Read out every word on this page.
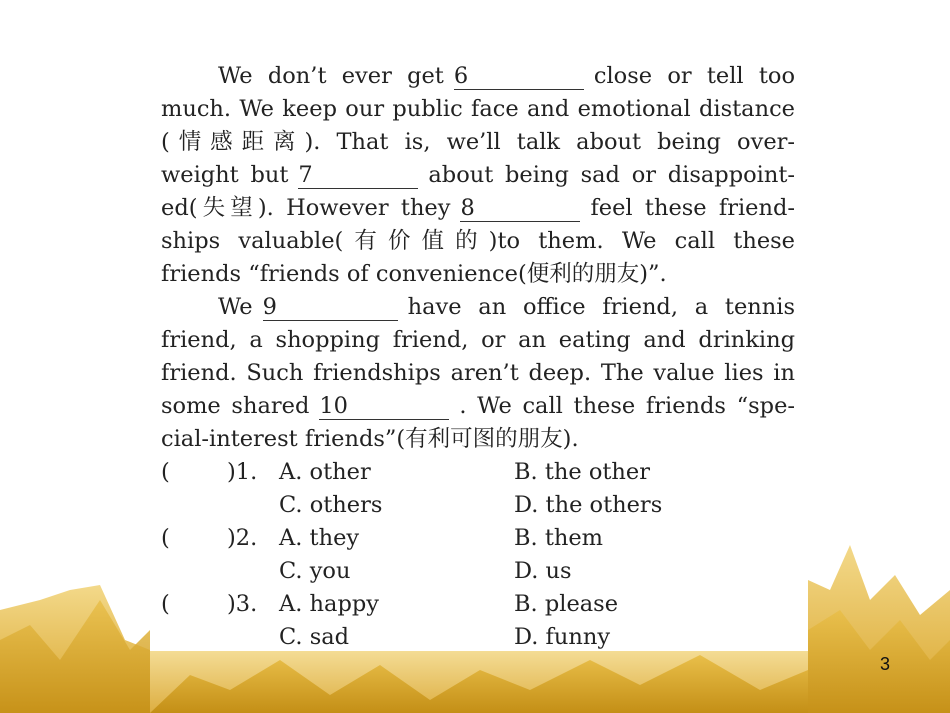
We don’t ever get 6	close or tell too
much. We keep our public face and emotional distance
(情感距离). That is, we’ll talk about being over-
weight but 7	about being sad or disappoint-
ed(失望). However they 8	feel these friend-
ships valuable(有价值的)to them. We call these
friends “friends of convenience(便利的朋友)”.
We 9	have an office friend, a tennis
friend, a shopping friend, or an eating and drinking
friend. Such friendships aren’t deep. The value lies in
some shared 10	. We call these friends “spe-
cial-interest friends”(有利可图的朋友).
(	)1. A. other	B. the other
C. others	D. the others
(	)2. A. they	B. them
C. you	D. us
(	)3. A. happy	B. please
C. sad	D. funny
3
